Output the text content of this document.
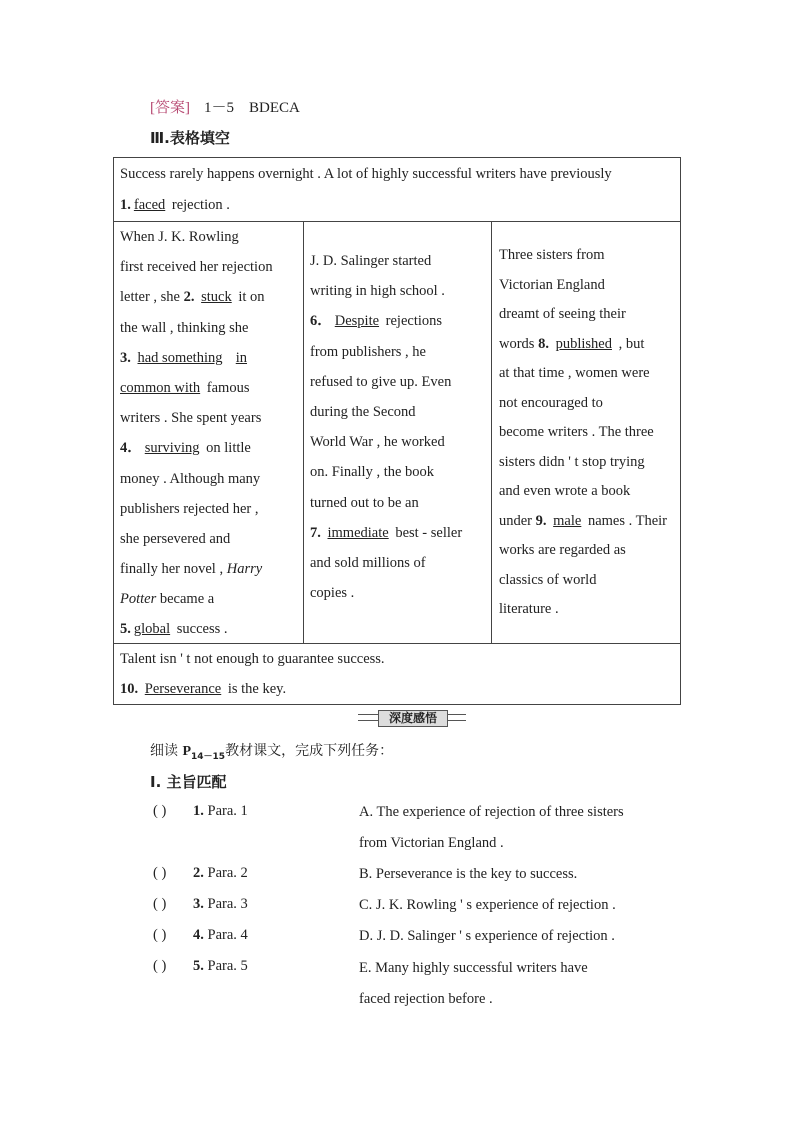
[答案] 1－5　BDECA
Ⅲ.表格填空
Success rarely happens overnight . A lot of highly successful writers have previously
1. faced rejection .
When J. K. Rowling
first received her rejection
letter , she 2. stuck it on
the wall , thinking she
3. had something in
common with famous
writers . She spent years
4． surviving on little
money . Although many
publishers rejected her ,
she persevered and
finally her novel , Harry
Potter became a
5. global success .
J. D. Salinger started
writing in high school .
6． Despite rejections
from publishers , he
refused to give up. Even
during the Second
World War , he worked
on. Finally , the book
turned out to be an
7. immediate best - seller
and sold millions of
copies .
Three sisters from
Victorian England
dreamt of seeing their
words 8. published , but
at that time , women were
not encouraged to
become writers . The three
sisters didn ' t stop trying
and even wrote a book
under 9. male names . Their
works are regarded as
classics of world
literature .
Talent isn ' t not enough to guarantee success.
10. Perseverance is the key.
深度感悟
细读 $P_{14-15}$教材课文，完成下列任务：
Ⅰ. 主旨匹配
( ) 1. Para. 1
( ) 2. Para. 2
( ) 3. Para. 3
( ) 4. Para. 4
( ) 5. Para. 5
A. The experience of rejection of three sisters
from Victorian England .
B. Perseverance is the key to success.
C. J. K. Rowling ' s experience of rejection .
D. J. D. Salinger ' s experience of rejection .
E. Many highly successful writers have
faced rejection before .
